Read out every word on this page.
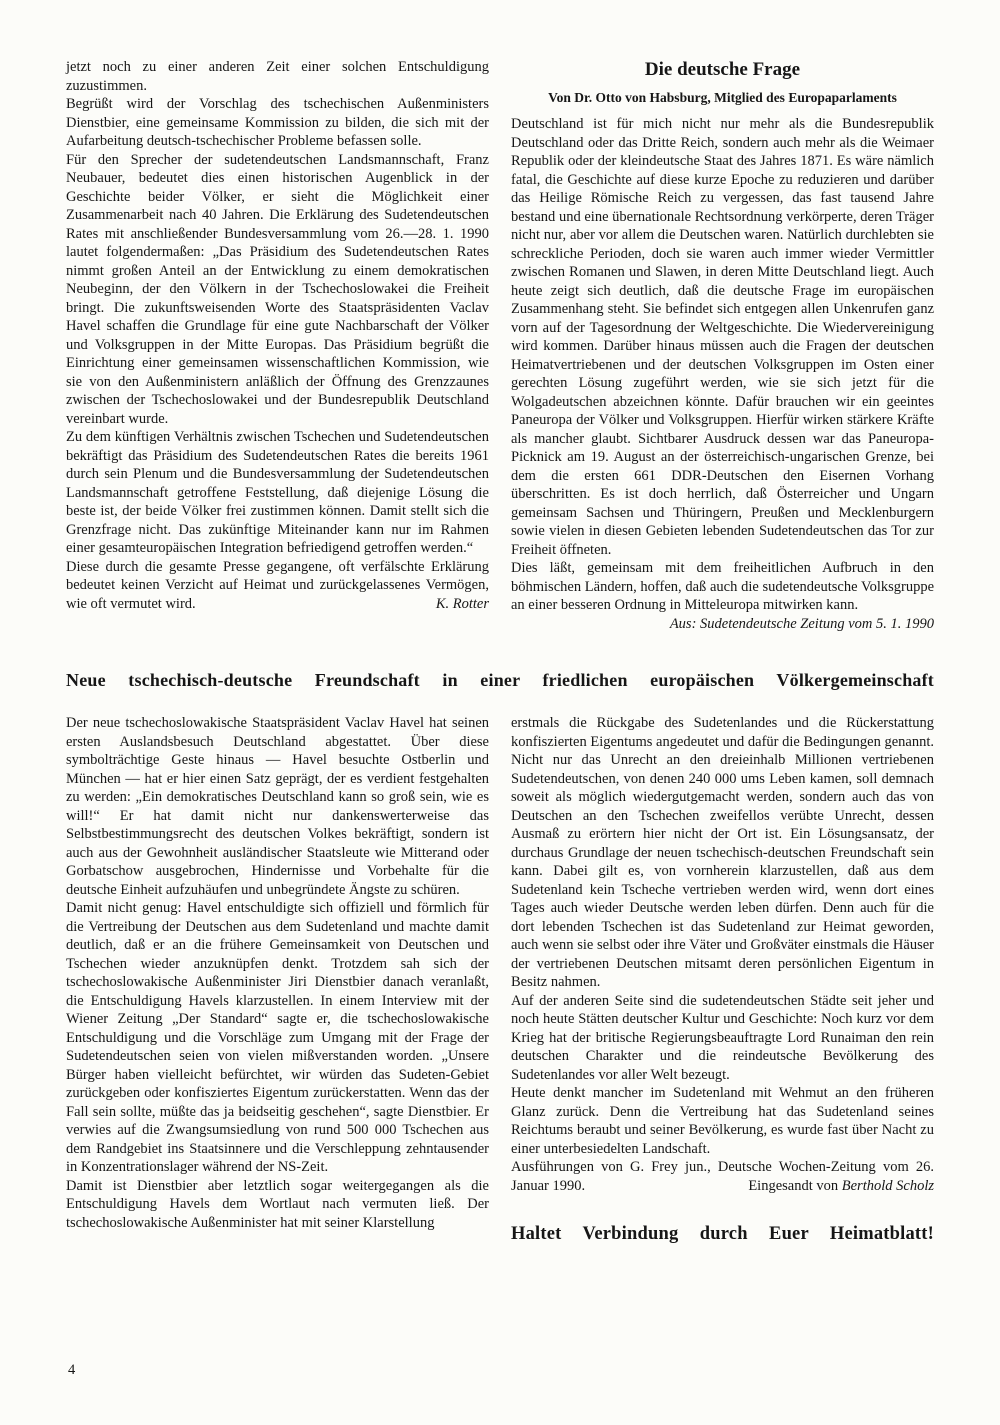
jetzt noch zu einer anderen Zeit einer solchen Entschuldigung zuzustimmen.

Begrüßt wird der Vorschlag des tschechischen Außenministers Dienstbier, eine gemeinsame Kommission zu bilden, die sich mit der Aufarbeitung deutsch-tschechischer Probleme befassen solle.

Für den Sprecher der sudetendeutschen Landsmannschaft, Franz Neubauer, bedeutet dies einen historischen Augenblick in der Geschichte beider Völker, er sieht die Möglichkeit einer Zusammenarbeit nach 40 Jahren. Die Erklärung des Sudetendeutschen Rates mit anschließender Bundesversammlung vom 26.—28. 1. 1990 lautet folgendermaßen: „Das Präsidium des Sudetendeutschen Rates nimmt großen Anteil an der Entwicklung zu einem demokratischen Neubeginn, der den Völkern in der Tschechoslowakei die Freiheit bringt. Die zukunftsweisenden Worte des Staatspräsidenten Vaclav Havel schaffen die Grundlage für eine gute Nachbarschaft der Völker und Volksgruppen in der Mitte Europas. Das Präsidium begrüßt die Einrichtung einer gemeinsamen wissenschaftlichen Kommission, wie sie von den Außenministern anläßlich der Öffnung des Grenzzaunes zwischen der Tschechoslowakei und der Bundesrepublik Deutschland vereinbart wurde.

Zu dem künftigen Verhältnis zwischen Tschechen und Sudetendeutschen bekräftigt das Präsidium des Sudetendeutschen Rates die bereits 1961 durch sein Plenum und die Bundesversammlung der Sudetendeutschen Landsmannschaft getroffene Feststellung, daß diejenige Lösung die beste ist, der beide Völker frei zustimmen können. Damit stellt sich die Grenzfrage nicht. Das zukünftige Miteinander kann nur im Rahmen einer gesamteuropäischen Integration befriedigend getroffen werden.“

Diese durch die gesamte Presse gegangene, oft verfälschte Erklärung bedeutet keinen Verzicht auf Heimat und zurückgelassenes Vermögen, wie oft vermutet wird.	K. Rotter

Die deutsche Frage

Von Dr. Otto von Habsburg, Mitglied des Europaparlaments

Deutschland ist für mich nicht nur mehr als die Bundesrepublik Deutschland oder das Dritte Reich, sondern auch mehr als die Weimaer Republik oder der kleindeutsche Staat des Jahres 1871. Es wäre nämlich fatal, die Geschichte auf diese kurze Epoche zu reduzieren und darüber das Heilige Römische Reich zu vergessen, das fast tausend Jahre bestand und eine übernationale Rechtsordnung verkörperte, deren Träger nicht nur, aber vor allem die Deutschen waren. Natürlich durchlebten sie schreckliche Perioden, doch sie waren auch immer wieder Vermittler zwischen Romanen und Slawen, in deren Mitte Deutschland liegt. Auch heute zeigt sich deutlich, daß die deutsche Frage im europäischen Zusammenhang steht. Sie befindet sich entgegen allen Unkenrufen ganz vorn auf der Tagesordnung der Weltgeschichte. Die Wiedervereinigung wird kommen. Darüber hinaus müssen auch die Fragen der deutschen Heimatvertriebenen und der deutschen Volksgruppen im Osten einer gerechten Lösung zugeführt werden, wie sie sich jetzt für die Wolgadeutschen abzeichnen könnte. Dafür brauchen wir ein geeintes Paneuropa der Völker und Volksgruppen. Hierfür wirken stärkere Kräfte als mancher glaubt. Sichtbarer Ausdruck dessen war das Paneuropa-Picknick am 19. August an der österreichisch-ungarischen Grenze, bei dem die ersten 661 DDR-Deutschen den Eisernen Vorhang überschritten. Es ist doch herrlich, daß Österreicher und Ungarn gemeinsam Sachsen und Thüringern, Preußen und Mecklenburgern sowie vielen in diesen Gebieten lebenden Sudetendeutschen das Tor zur Freiheit öffneten.

Dies läßt, gemeinsam mit dem freiheitlichen Aufbruch in den böhmischen Ländern, hoffen, daß auch die sudetendeutsche Volksgruppe an einer besseren Ordnung in Mitteleuropa mitwirken kann.
Aus: Sudetendeutsche Zeitung vom 5. 1. 1990

Neue tschechisch-deutsche Freundschaft in einer friedlichen europäischen Völkergemeinschaft

Der neue tschechoslowakische Staatspräsident Vaclav Havel hat seinen ersten Auslandsbesuch Deutschland abgestattet. Über diese symbolträchtige Geste hinaus — Havel besuchte Ostberlin und München — hat er hier einen Satz geprägt, der es verdient festgehalten zu werden: „Ein demokratisches Deutschland kann so groß sein, wie es will!“ Er hat damit nicht nur dankenswerterweise das Selbstbestimmungsrecht des deutschen Volkes bekräftigt, sondern ist auch aus der Gewohnheit ausländischer Staatsleute wie Mitterand oder Gorbatschow ausgebrochen, Hindernisse und Vorbehalte für die deutsche Einheit aufzuhäufen und unbegründete Ängste zu schüren.

Damit nicht genug: Havel entschuldigte sich offiziell und förmlich für die Vertreibung der Deutschen aus dem Sudetenland und machte damit deutlich, daß er an die frühere Gemeinsamkeit von Deutschen und Tschechen wieder anzuknüpfen denkt. Trotzdem sah sich der tschechoslowakische Außenminister Jiri Dienstbier danach veranlaßt, die Entschuldigung Havels klarzustellen. In einem Interview mit der Wiener Zeitung „Der Standard“ sagte er, die tschechoslowakische Entschuldigung und die Vorschläge zum Umgang mit der Frage der Sudetendeutschen seien von vielen mißverstanden worden. „Unsere Bürger haben vielleicht befürchtet, wir würden das Sudeten-Gebiet zurückgeben oder konfisziertes Eigentum zurückerstatten. Wenn das der Fall sein sollte, müßte das ja beidseitig geschehen“, sagte Dienstbier. Er verwies auf die Zwangsumsiedlung von rund 500 000 Tschechen aus dem Randgebiet ins Staatsinnere und die Verschleppung zehntausender in Konzentrationslager während der NS-Zeit.

Damit ist Dienstbier aber letztlich sogar weitergegangen als die Entschuldigung Havels dem Wortlaut nach vermuten ließ. Der tschechoslowakische Außenminister hat mit seiner Klarstellung

erstmals die Rückgabe des Sudetenlandes und die Rückerstattung konfiszierten Eigentums angedeutet und dafür die Bedingungen genannt. Nicht nur das Unrecht an den dreieinhalb Millionen vertriebenen Sudetendeutschen, von denen 240 000 ums Leben kamen, soll demnach soweit als möglich wiedergutgemacht werden, sondern auch das von Deutschen an den Tschechen zweifellos verübte Unrecht, dessen Ausmaß zu erörtern hier nicht der Ort ist. Ein Lösungsansatz, der durchaus Grundlage der neuen tschechisch-deutschen Freundschaft sein kann. Dabei gilt es, von vornherein klarzustellen, daß aus dem Sudetenland kein Tscheche vertrieben werden wird, wenn dort eines Tages auch wieder Deutsche werden leben dürfen. Denn auch für die dort lebenden Tschechen ist das Sudetenland zur Heimat geworden, auch wenn sie selbst oder ihre Väter und Großväter einstmals die Häuser der vertriebenen Deutschen mitsamt deren persönlichen Eigentum in Besitz nahmen.

Auf der anderen Seite sind die sudetendeutschen Städte seit jeher und noch heute Stätten deutscher Kultur und Geschichte: Noch kurz vor dem Krieg hat der britische Regierungsbeauftragte Lord Runaiman den rein deutschen Charakter und die reindeutsche Bevölkerung des Sudetenlandes vor aller Welt bezeugt.

Heute denkt mancher im Sudetenland mit Wehmut an den früheren Glanz zurück. Denn die Vertreibung hat das Sudetenland seines Reichtums beraubt und seiner Bevölkerung, es wurde fast über Nacht zu einer unterbesiedelten Landschaft.

Ausführungen von G. Frey jun., Deutsche Wochen-Zeitung vom 26. Januar 1990.	Eingesandt von Berthold Scholz

Haltet Verbindung durch Euer Heimatblatt!

4
